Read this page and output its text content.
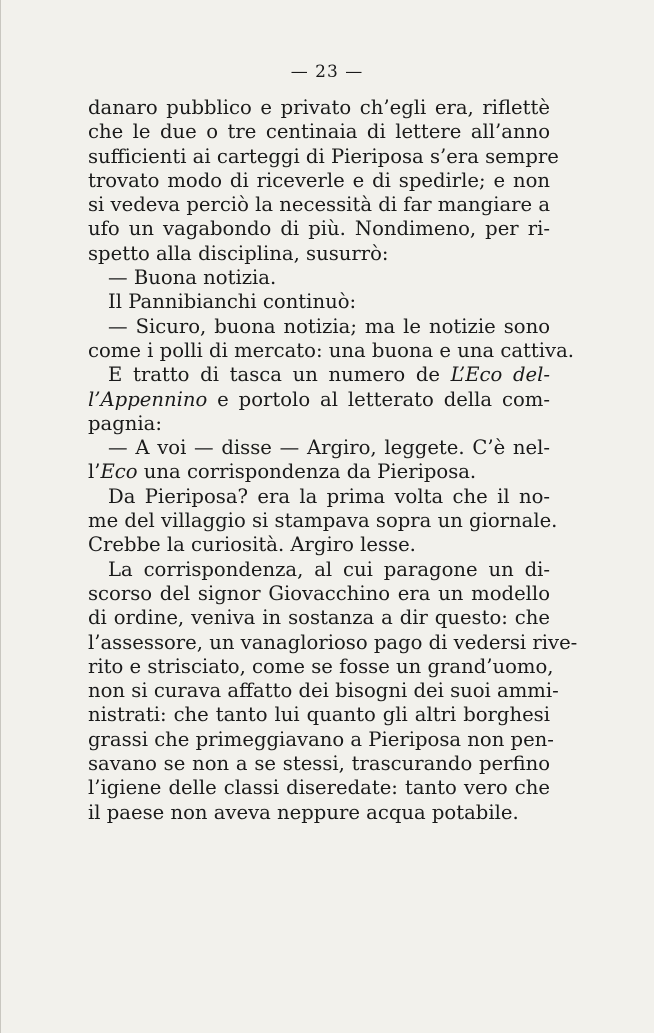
— 23 —
danaro pubblico e privato ch’egli era, riflettè
che le due o tre centinaia di lettere all’anno
sufficienti ai carteggi di Pieriposa s’era sempre
trovato modo di riceverle e di spedirle; e non
si vedeva perciò la necessità di far mangiare a
ufo un vagabondo di più. Nondimeno, per ri-
spetto alla disciplina, susurrò:
— Buona notizia.
Il Pannibianchi continuò:
— Sicuro, buona notizia; ma le notizie sono
come i polli di mercato: una buona e una cattiva.
E tratto di tasca un numero de L’Eco del-
l’Appennino e portolo al letterato della com-
pagnia:
— A voi — disse — Argiro, leggete. C’è nel-
l’Eco una corrispondenza da Pieriposa.
Da Pieriposa? era la prima volta che il no-
me del villaggio si stampava sopra un giornale.
Crebbe la curiosità. Argiro lesse.
La corrispondenza, al cui paragone un di-
scorso del signor Giovacchino era un modello
di ordine, veniva in sostanza a dir questo: che
l’assessore, un vanaglorioso pago di vedersi rive-
rito e strisciato, come se fosse un grand’uomo,
non si curava affatto dei bisogni dei suoi ammi-
nistrati: che tanto lui quanto gli altri borghesi
grassi che primeggiavano a Pieriposa non pen-
savano se non a se stessi, trascurando perfino
l’igiene delle classi diseredate: tanto vero che
il paese non aveva neppure acqua potabile.
